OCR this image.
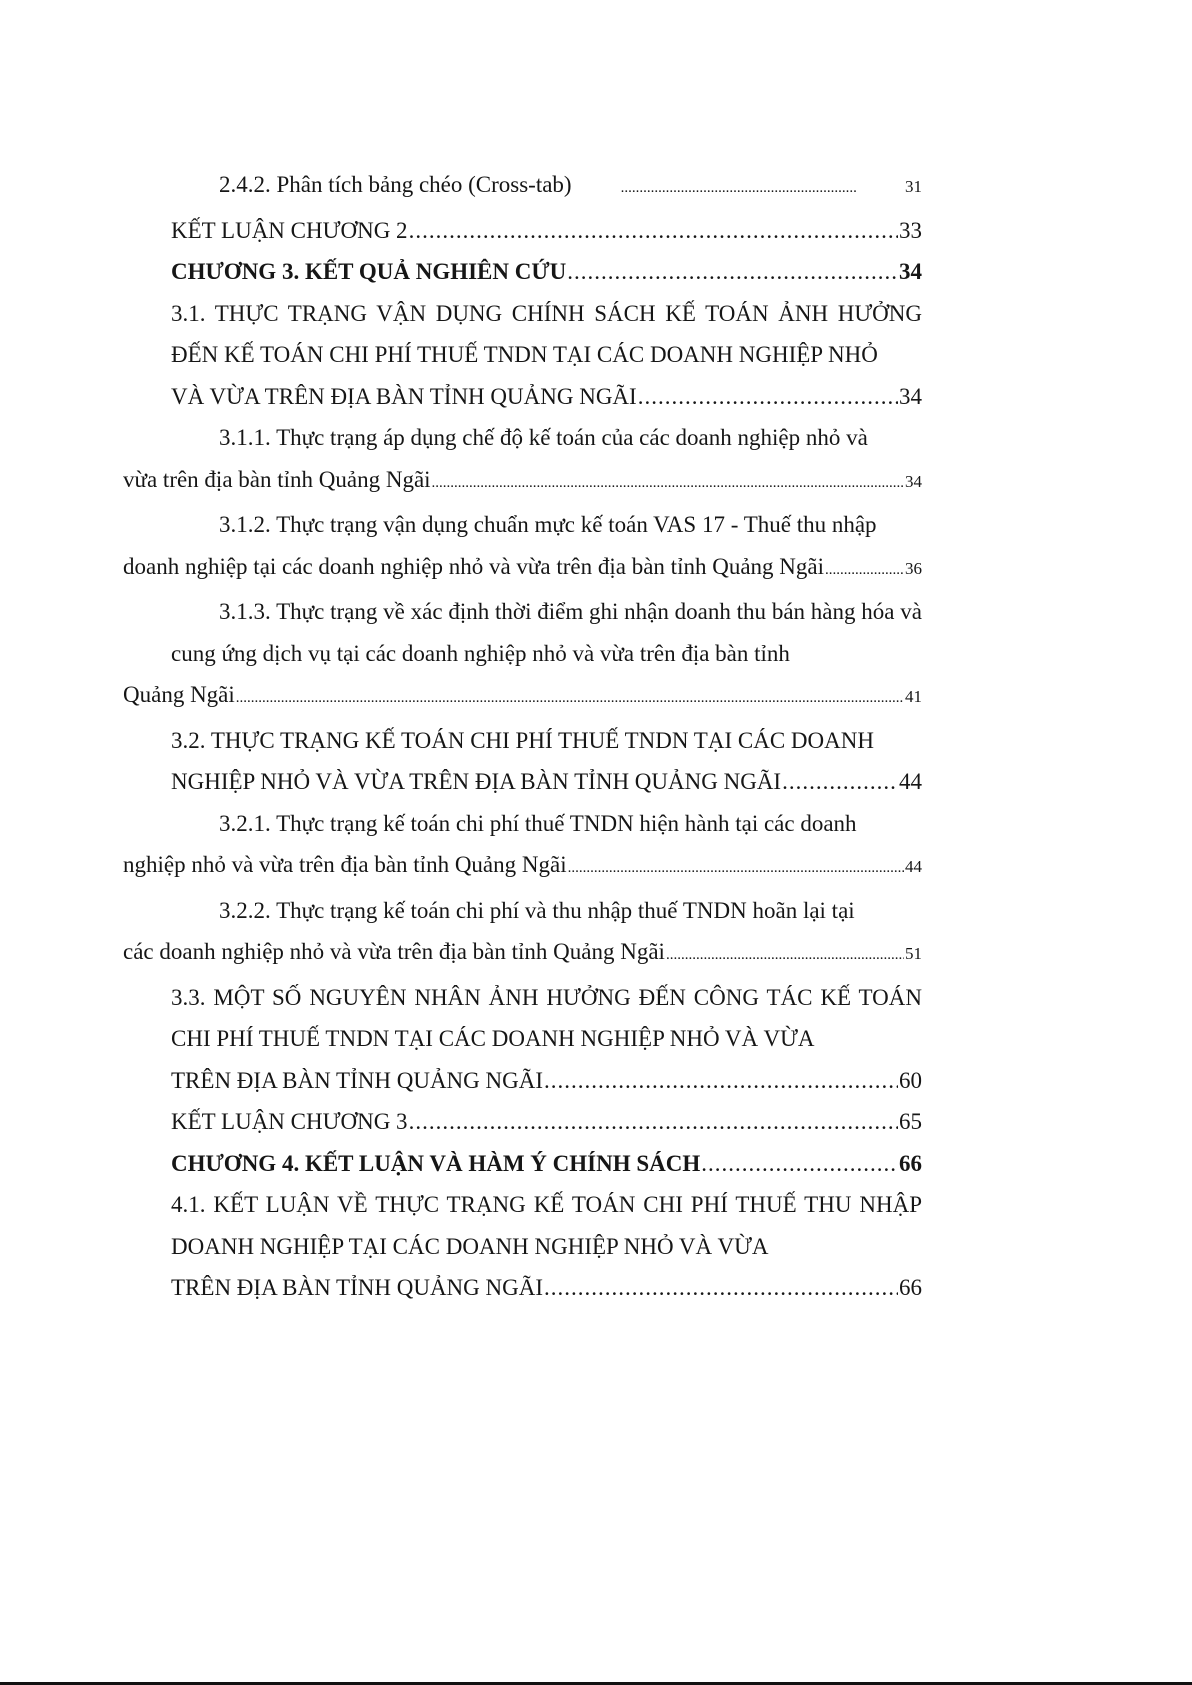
2.4.2. Phân tích bảng chéo (Cross-tab) .....	31
KẾT LUẬN CHƯƠNG 2 .....	33
CHƯƠNG 3. KẾT QUẢ NGHIÊN CỨU .....	34
3.1. THỰC TRẠNG VẬN DỤNG CHÍNH SÁCH KẾ TOÁN ẢNH HƯỞNG ĐẾN KẾ TOÁN CHI PHÍ THUẾ TNDN TẠI CÁC DOANH NGHIỆP NHỎ
VÀ VỪA TRÊN ĐỊA BÀN TỈNH QUẢNG NGÃI .....	34
3.1.1. Thực trạng áp dụng chế độ kế toán của các doanh nghiệp nhỏ và
vừa trên địa bàn tỉnh Quảng Ngãi .....	34
3.1.2. Thực trạng vận dụng chuẩn mực kế toán VAS 17 - Thuế thu nhập
doanh nghiệp tại các doanh nghiệp nhỏ và vừa trên địa bàn tỉnh Quảng Ngãi .....	36
3.1.3. Thực trạng về xác định thời điểm ghi nhận doanh thu bán hàng hóa và cung ứng dịch vụ tại các doanh nghiệp nhỏ và vừa trên địa bàn tỉnh
Quảng Ngãi .....	41
3.2. THỰC TRẠNG KẾ TOÁN CHI PHÍ THUẾ TNDN TẠI CÁC DOANH
NGHIỆP NHỎ VÀ VỪA TRÊN ĐỊA BÀN TỈNH QUẢNG NGÃI .....	44
3.2.1. Thực trạng kế toán chi phí thuế TNDN hiện hành tại các doanh
nghiệp nhỏ và vừa trên địa bàn tỉnh Quảng Ngãi .....	44
3.2.2. Thực trạng kế toán chi phí và thu nhập thuế TNDN hoãn lại tại
các doanh nghiệp nhỏ và vừa trên địa bàn tỉnh Quảng Ngãi .....	51
3.3. MỘT SỐ NGUYÊN NHÂN ẢNH HƯỞNG ĐẾN CÔNG TÁC KẾ TOÁN CHI PHÍ THUẾ TNDN TẠI CÁC DOANH NGHIỆP NHỎ VÀ VỪA
TRÊN ĐỊA BÀN TỈNH QUẢNG NGÃI .....	60
KẾT LUẬN CHƯƠNG 3 .....	65
CHƯƠNG 4. KẾT LUẬN VÀ HÀM Ý CHÍNH SÁCH .....	66
4.1. KẾT LUẬN VỀ THỰC TRẠNG KẾ TOÁN CHI PHÍ THUẾ THU NHẬP DOANH NGHIỆP TẠI CÁC DOANH NGHIỆP NHỎ VÀ VỪA
TRÊN ĐỊA BÀN TỈNH QUẢNG NGÃI .....	66
